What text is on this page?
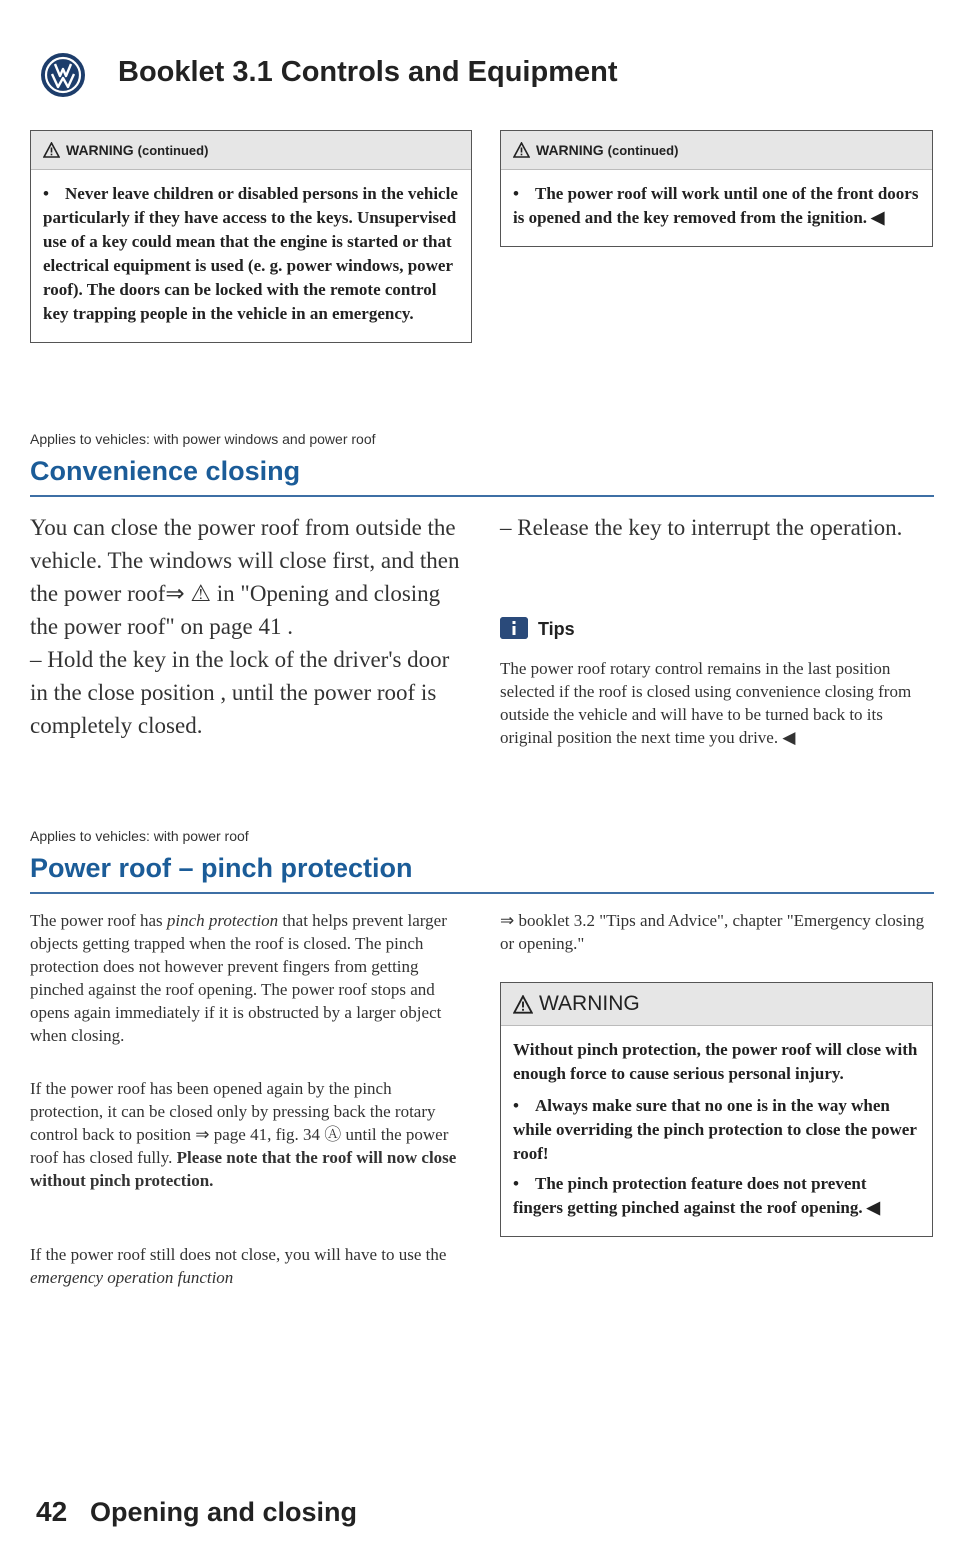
Booklet 3.1 Controls and Equipment
WARNING (continued)

• Never leave children or disabled persons in the vehicle particularly if they have access to the keys. Unsupervised use of a key could mean that the engine is started or that electrical equipment is used (e. g. power windows, power roof). The doors can be locked with the remote control key trapping people in the vehicle in an emergency.

WARNING (continued)

• The power roof will work until one of the front doors is opened and the key removed from the ignition. ◀

Applies to vehicles: with power windows and power roof
Convenience closing
You can close the power roof from outside the vehicle. The windows will close first, and then the power roof⇒ ⚠ in "Opening and closing the power roof" on page 41 .
– Hold the key in the lock of the driver's door in the close position , until the power roof is completely closed.
– Release the key to interrupt the operation.
Tips
The power roof rotary control remains in the last position selected if the roof is closed using convenience closing from outside the vehicle and will have to be turned back to its original position the next time you drive. ◀
Applies to vehicles: with power roof
Power roof – pinch protection
The power roof has pinch protection that helps prevent larger objects getting trapped when the roof is closed. The pinch protection does not however prevent fingers from getting pinched against the roof opening. The power roof stops and opens again immediately if it is obstructed by a larger object when closing.
If the power roof has been opened again by the pinch protection, it can be closed only by pressing back the rotary control back to position ⇒ page 41, fig. 34 Ⓐ until the power roof has closed fully. Please note that the roof will now close without pinch protection.
If the power roof still does not close, you will have to use the emergency operation function
⇒ booklet 3.2 "Tips and Advice", chapter "Emergency closing or opening."
WARNING

Without pinch protection, the power roof will close with enough force to cause serious personal injury.

• Always make sure that no one is in the way when while overriding the pinch protection to close the power roof!

• The pinch protection feature does not prevent fingers getting pinched against the roof opening. ◀

42 Opening and closing
